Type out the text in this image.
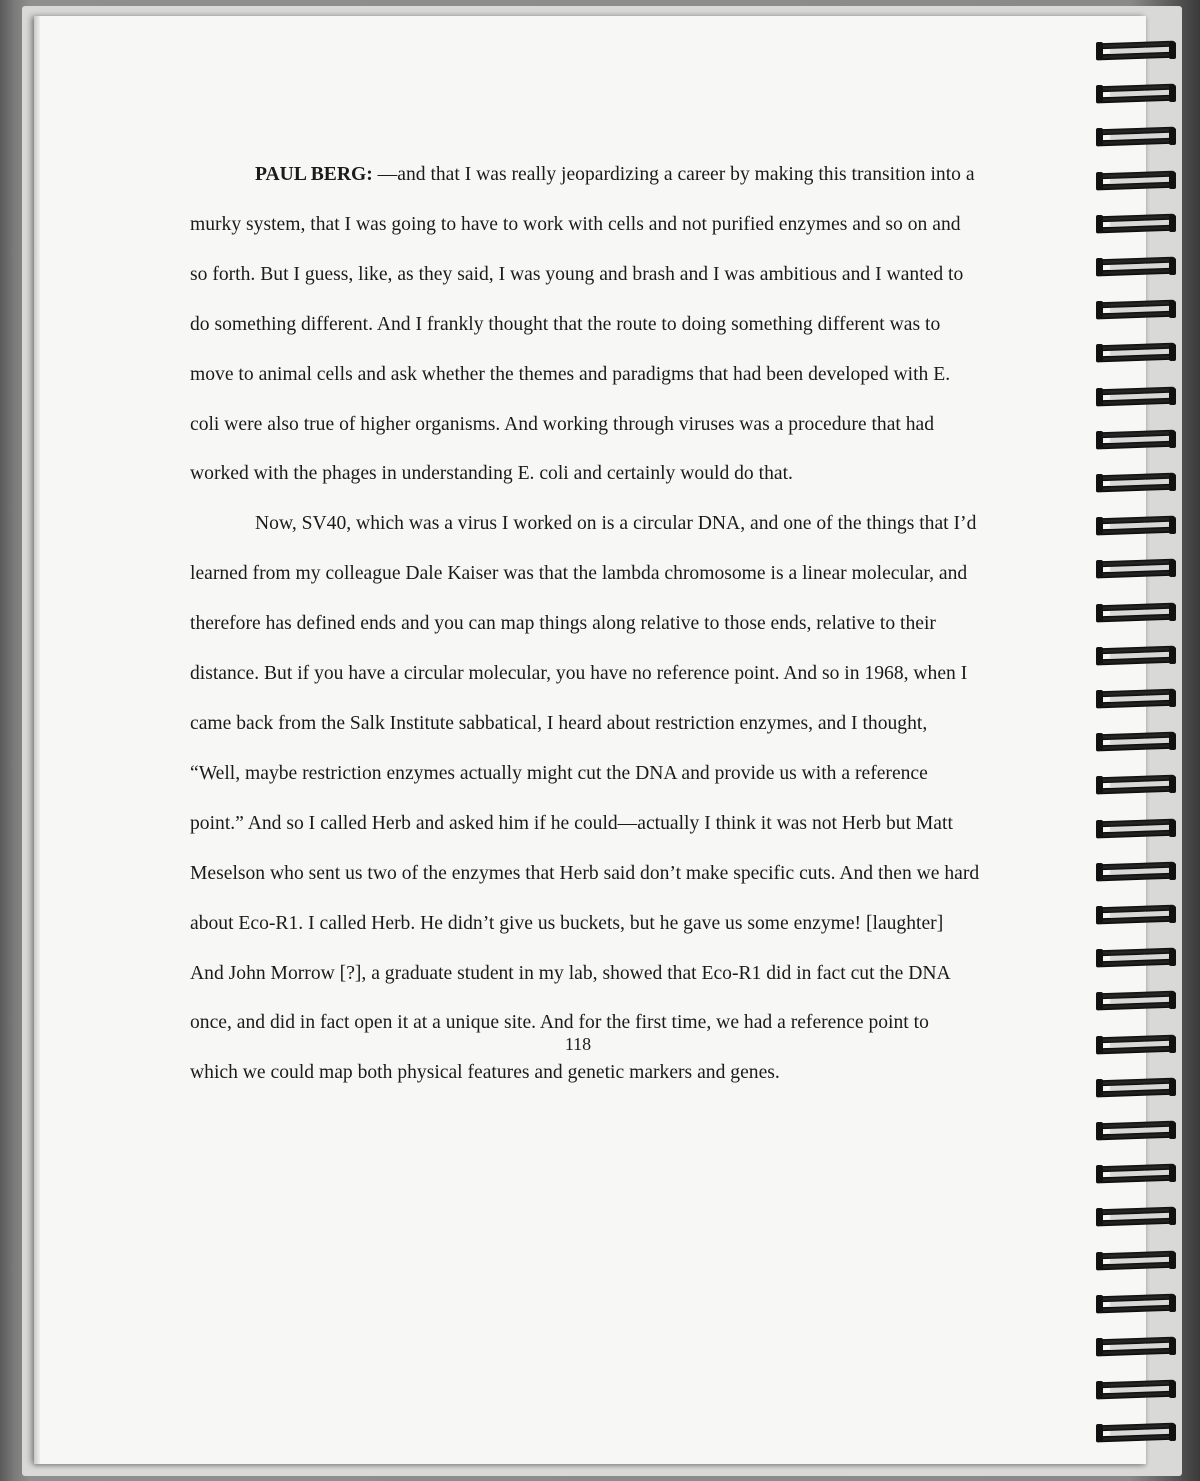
PAUL BERG: —and that I was really jeopardizing a career by making this transition into a murky system, that I was going to have to work with cells and not purified enzymes and so on and so forth. But I guess, like, as they said, I was young and brash and I was ambitious and I wanted to do something different. And I frankly thought that the route to doing something different was to move to animal cells and ask whether the themes and paradigms that had been developed with E. coli were also true of higher organisms. And working through viruses was a procedure that had worked with the phages in understanding E. coli and certainly would do that.

Now, SV40, which was a virus I worked on is a circular DNA, and one of the things that I’d learned from my colleague Dale Kaiser was that the lambda chromosome is a linear molecular, and therefore has defined ends and you can map things along relative to those ends, relative to their distance. But if you have a circular molecular, you have no reference point. And so in 1968, when I came back from the Salk Institute sabbatical, I heard about restriction enzymes, and I thought, “Well, maybe restriction enzymes actually might cut the DNA and provide us with a reference point.” And so I called Herb and asked him if he could—actually I think it was not Herb but Matt Meselson who sent us two of the enzymes that Herb said don’t make specific cuts. And then we hard about Eco-R1. I called Herb. He didn’t give us buckets, but he gave us some enzyme! [laughter] And John Morrow [?], a graduate student in my lab, showed that Eco-R1 did in fact cut the DNA once, and did in fact open it at a unique site. And for the first time, we had a reference point to which we could map both physical features and genetic markers and genes.

118
